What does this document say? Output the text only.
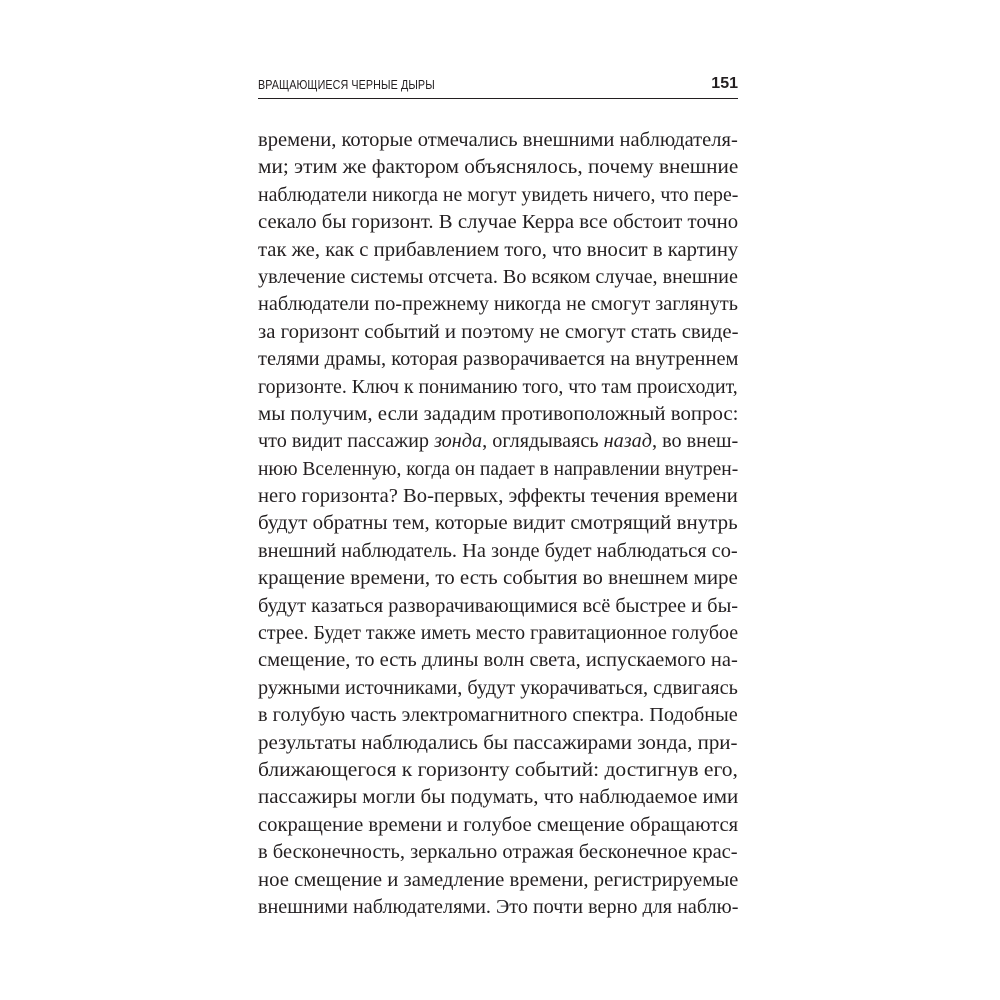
ВРАЩАЮЩИЕСЯ ЧЕРНЫЕ ДЫРЫ	151
времени, которые отмечались внешними наблюдателя-
ми; этим же фактором объяснялось, почему внешние
наблюдатели никогда не могут увидеть ничего, что пере-
секало бы горизонт. В случае Керра все обстоит точно
так же, как с прибавлением того, что вносит в картину
увлечение системы отсчета. Во всяком случае, внешние
наблюдатели по-прежнему никогда не смогут заглянуть
за горизонт событий и поэтому не смогут стать свиде-
телями драмы, которая разворачивается на внутреннем
горизонте. Ключ к пониманию того, что там происходит,
мы получим, если зададим противоположный вопрос:
что видит пассажир зонда, оглядываясь назад, во внеш-
нюю Вселенную, когда он падает в направлении внутрен-
него горизонта? Во-первых, эффекты течения времени
будут обратны тем, которые видит смотрящий внутрь
внешний наблюдатель. На зонде будет наблюдаться со-
кращение времени, то есть события во внешнем мире
будут казаться разворачивающимися всё быстрее и бы-
стрее. Будет также иметь место гравитационное голубое
смещение, то есть длины волн света, испускаемого на-
ружными источниками, будут укорачиваться, сдвигаясь
в голубую часть электромагнитного спектра. Подобные
результаты наблюдались бы пассажирами зонда, при-
ближающегося к горизонту событий: достигнув его,
пассажиры могли бы подумать, что наблюдаемое ими
сокращение времени и голубое смещение обращаются
в бесконечность, зеркально отражая бесконечное крас-
ное смещение и замедление времени, регистрируемые
внешними наблюдателями. Это почти верно для наблю-
